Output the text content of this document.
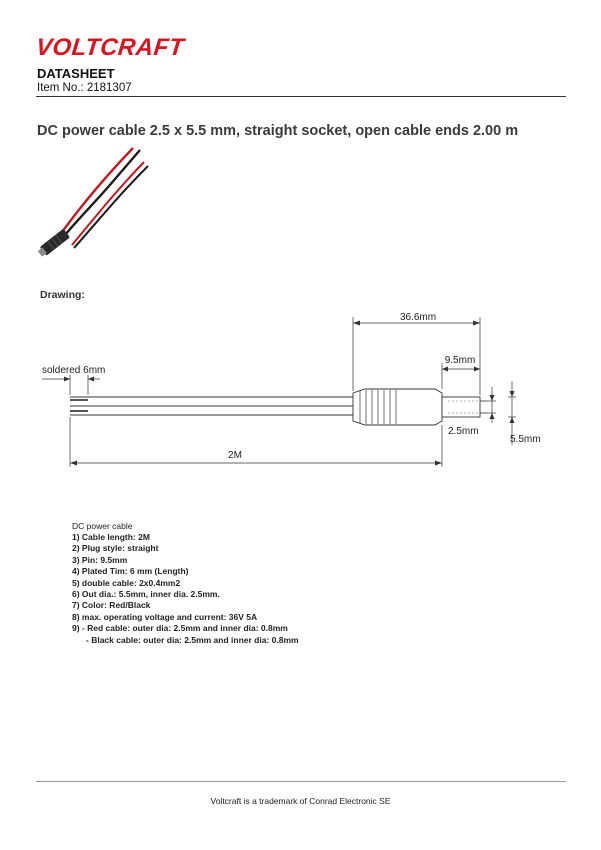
VOLTCRAFT
DATASHEET
Item No.: 2181307
DC power cable 2.5 x 5.5 mm, straight socket, open cable ends 2.00 m
Drawing:
36.6mm
9.5mm
soldered 6mm
2.5mm
5.5mm
2M
DC power cable
1) Cable length: 2M
2) Plug style: straight
3) Pin: 9.5mm
4) Plated Tim: 6 mm (Length)
5) double cable: 2x0.4mm2
6) Out dia.: 5.5mm, inner dia. 2.5mm.
7) Color: Red/Black
8) max. operating voltage and current: 36V 5A
9) - Red cable: outer dia: 2.5mm and inner dia: 0.8mm
- Black cable: outer dia: 2.5mm and inner dia: 0.8mm
Voltcraft is a trademark of Conrad Electronic SE
